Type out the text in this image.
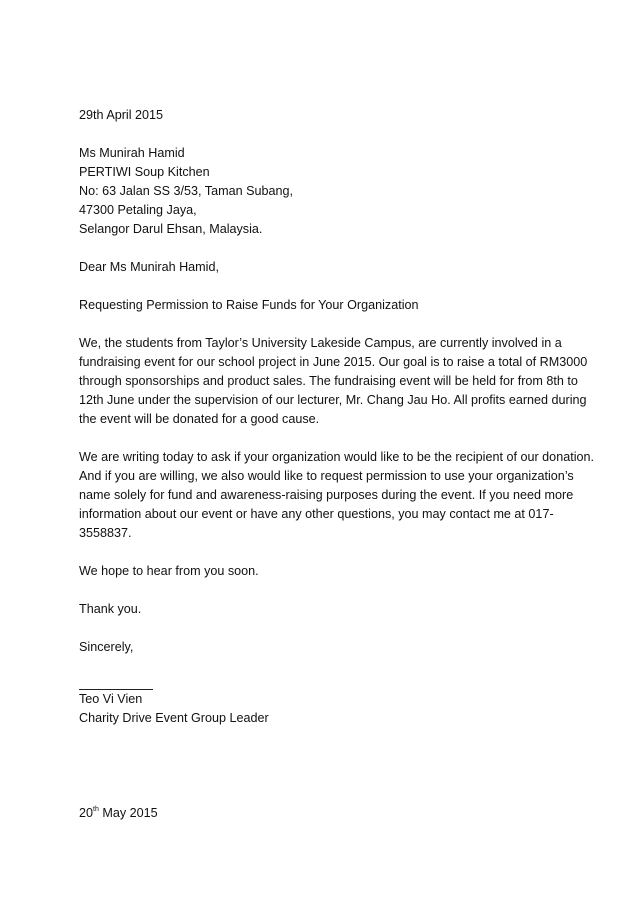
29th April 2015
Ms Munirah Hamid
PERTIWI Soup Kitchen
No: 63 Jalan SS 3/53, Taman Subang,
47300 Petaling Jaya,
Selangor Darul Ehsan, Malaysia.
Dear Ms Munirah Hamid,
Requesting Permission to Raise Funds for Your Organization
We, the students from Taylor’s University Lakeside Campus, are currently involved in a
fundraising event for our school project in June 2015. Our goal is to raise a total of RM3000
through sponsorships and product sales. The fundraising event will be held for from 8th to
12th June under the supervision of our lecturer, Mr. Chang Jau Ho. All profits earned during
the event will be donated for a good cause.
We are writing today to ask if your organization would like to be the recipient of our donation.
And if you are willing, we also would like to request permission to use your organization’s
name solely for fund and awareness-raising purposes during the event. If you need more
information about our event or have any other questions, you may contact me at 017-
3558837.
We hope to hear from you soon.
Thank you.
Sincerely,
Teo Vi Vien
Charity Drive Event Group Leader
20th May 2015
